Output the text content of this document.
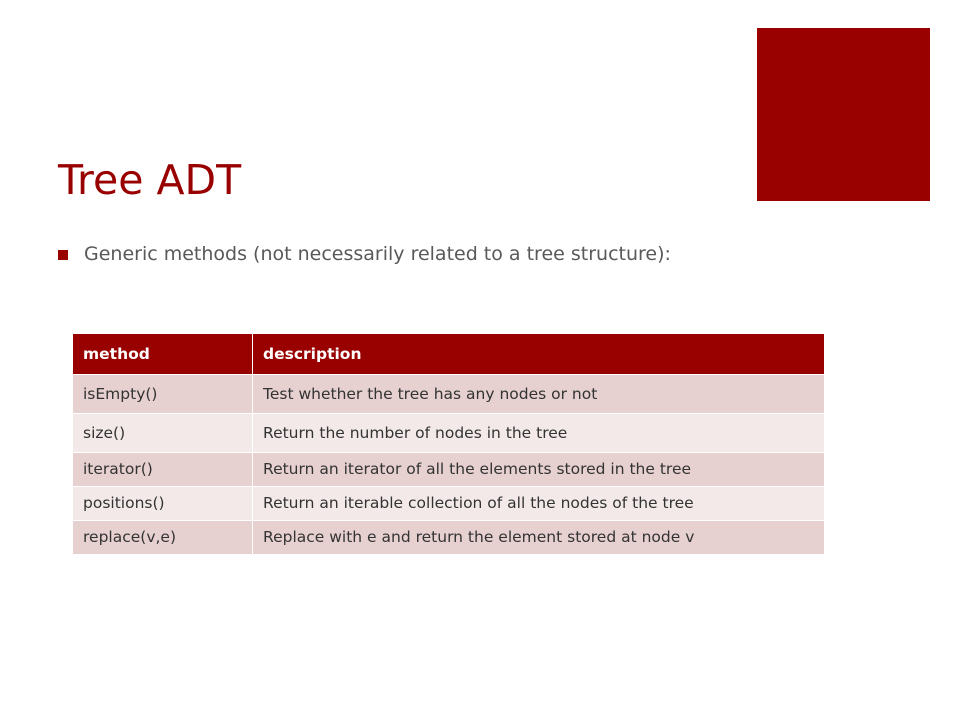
Tree ADT
Generic methods (not necessarily related to a tree structure):
method	description
isEmpty()	Test whether the tree has any nodes or not
size()	Return the number of nodes in the tree
iterator()	Return an iterator of all the elements stored in the tree
positions()	Return an iterable collection of all the nodes of the tree
replace(v,e)	Replace with e and return the element stored at node v
